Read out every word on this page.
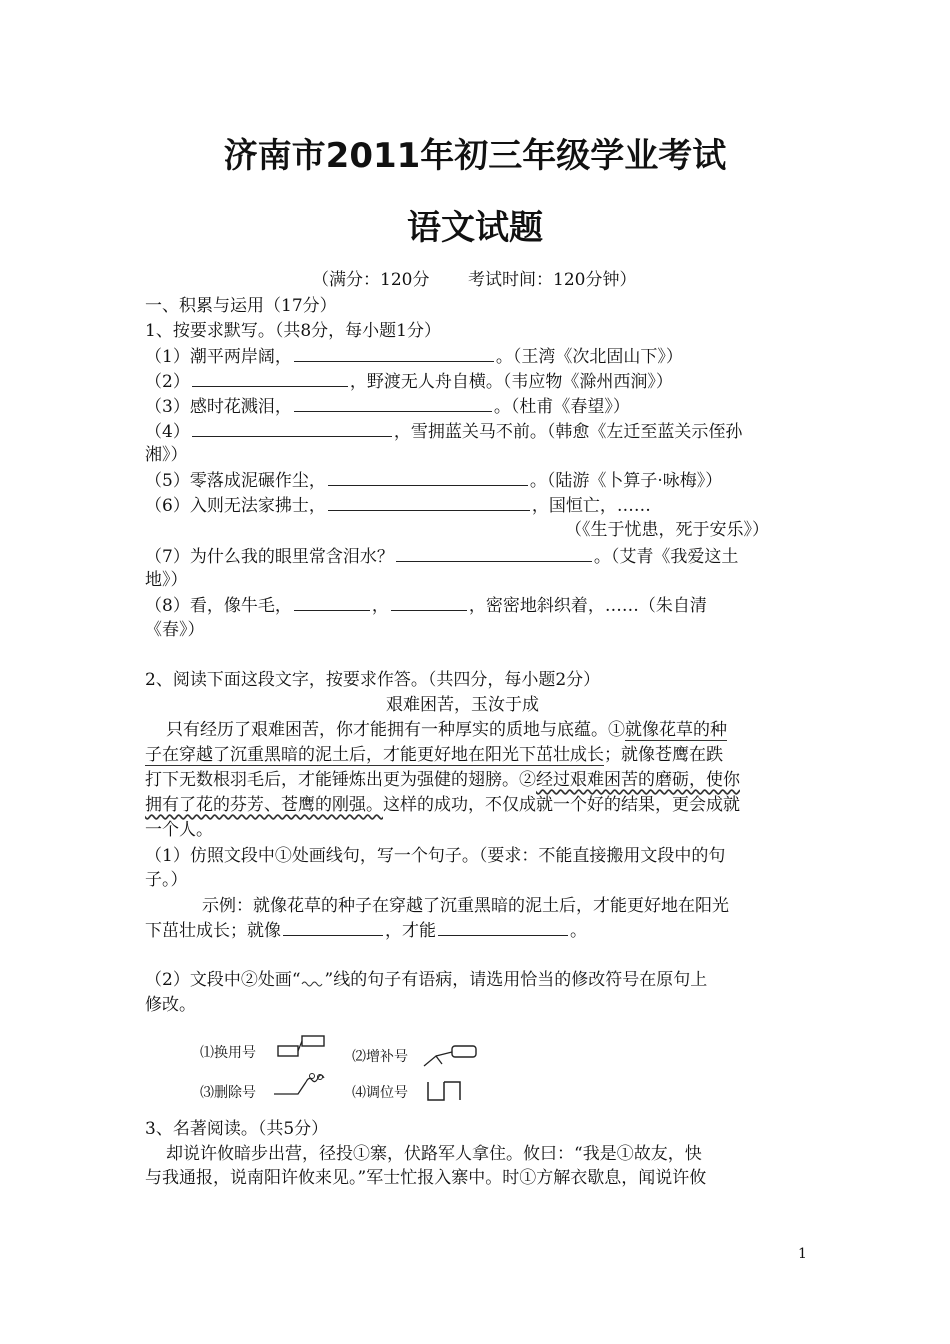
济南市2011年初三年级学业考试
语文试题
（满分：120分 考试时间：120分钟）
一、积累与运用（17分）
1、按要求默写。（共8分，每小题1分）
（1）潮平两岸阔，	。（王湾《次北固山下》）
（2）	，野渡无人舟自横。（韦应物《滁州西涧》）
（3）感时花溅泪，	。（杜甫《春望》）
（4）	，雪拥蓝关马不前。（韩愈《左迁至蓝关示侄孙
湘》）
（5）零落成泥碾作尘，	。（陆游《卜算子·咏梅》）
（6）入则无法家拂士，	，国恒亡，……
（《生于忧患，死于安乐》）
（7）为什么我的眼里常含泪水？	。（艾青《我爱这土
地》）
（8）看，像牛毛，	，	，密密地斜织着，……（朱自清
《春》）
2、阅读下面这段文字，按要求作答。（共四分，每小题2分）
艰难困苦，玉汝于成
只有经历了艰难困苦，你才能拥有一种厚实的质地与底蕴。①就像花草的种
子在穿越了沉重黑暗的泥土后，才能更好地在阳光下茁壮成长；就像苍鹰在跌
打下无数根羽毛后，才能锤炼出更为强健的翅膀。②经过艰难困苦的磨砺，使你
拥有了花的芬芳、苍鹰的刚强。这样的成功，不仅成就一个好的结果，更会成就
一个人。
（1）仿照文段中①处画线句，写一个句子。（要求：不能直接搬用文段中的句
子。）
示例：就像花草的种子在穿越了沉重黑暗的泥土后，才能更好地在阳光
下茁壮成长；就像	，才能	。
（2）文段中②处画“ ”线的句子有语病，请选用恰当的修改符号在原句上
修改。
⑴换用号	⑵增补号
⑶删除号	⑷调位号
3、名著阅读。（共5分）
却说许攸暗步出营，径投①寨，伏路军人拿住。攸曰：“我是①故友，快
与我通报，说南阳许攸来见。”军士忙报入寨中。时①方解衣歇息，闻说许攸
1
